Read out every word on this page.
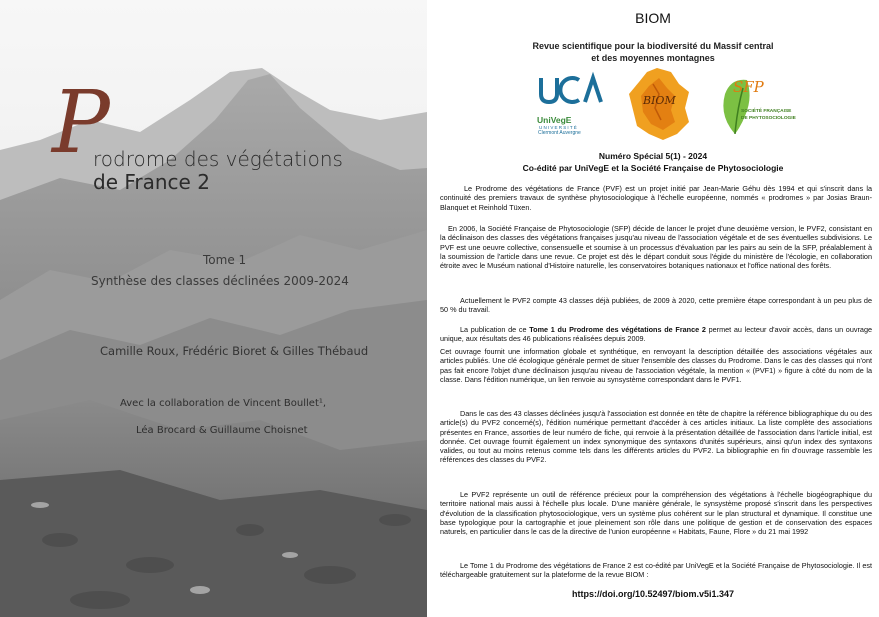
P
rodrome des végétations
de France 2
Tome 1
Synthèse des classes déclinées 2009-2024
Camille Roux, Frédéric Bioret & Gilles Thébaud
Avec la collaboration de Vincent Boullet¹,
Léa Brocard & Guillaume Choisnet
BIOM
Revue scientifique pour la biodiversité du Massif central
et des moyennes montagnes
UniVegE
UNIVERSITÉ
Clermont Auvergne
BIOM
SFP
SOCIÉTÉ FRANÇAISE
DE PHYTOSOCIOLOGIE
Numéro Spécial 5(1) - 2024
Co-édité par UniVegE et la Société Française de Phytosociologie

Le Prodrome des végétations de France (PVF) est un projet initié par Jean-Marie Géhu dès 1994 et qui s'inscrit dans la continuité des premiers travaux de synthèse phytosociologique à l'échelle européenne, nommés « prodromes » par Josias Braun-Blanquet et Reinhold Tüxen.

En 2006, la Société Française de Phytosociologie (SFP) décide de lancer le projet d'une deuxième version, le PVF2, consistant en la déclinaison des classes des végétations françaises jusqu'au niveau de l'association végétale et de ses éventuelles subdivisions. Le PVF est une oeuvre collective, consensuelle et soumise à un processus d'évaluation par les pairs au sein de la SFP, préalablement à la soumission de l'article dans une revue. Ce projet est dès le départ conduit sous l'égide du ministère de l'écologie, en collaboration étroite avec le Muséum national d'Histoire naturelle, les conservatoires botaniques nationaux et l'office national des forêts.

Actuellement le PVF2 compte 43 classes déjà publiées, de 2009 à 2020, cette première étape correspondant à un peu plus de 50 % du travail.

La publication de ce Tome 1 du Prodrome des végétations de France 2 permet au lecteur d'avoir accès, dans un ouvrage unique, aux résultats des 46 publications réalisées depuis 2009.

Cet ouvrage fournit une information globale et synthétique, en renvoyant la description détaillée des associations végétales aux articles publiés. Une clé écologique générale permet de situer l'ensemble des classes du Prodrome. Dans le cas des classes qui n'ont pas fait encore l'objet d'une déclinaison jusqu'au niveau de l'association végétale, la mention « (PVF1) » figure à côté du nom de la classe. Dans l'édition numérique, un lien renvoie au synsystème correspondant dans le PVF1.

Dans le cas des 43 classes déclinées jusqu'à l'association est donnée en tête de chapitre la référence bibliographique du ou des article(s) du PVF2 concerné(s), l'édition numérique permettant d'accéder à ces articles initiaux. La liste complète des associations présentes en France, assorties de leur numéro de fiche, qui renvoie à la présentation détaillée de l'association dans l'article initial, est donnée. Cet ouvrage fournit également un index synonymique des syntaxons d'unités supérieurs, ainsi qu'un index des syntaxons valides, ou tout au moins retenus comme tels dans les différents articles du PVF2. La bibliographie en fin d'ouvrage rassemble les références des classes du PVF2.

Le PVF2 représente un outil de référence précieux pour la compréhension des végétations à l'échelle biogéographique du territoire national mais aussi à l'échelle plus locale. D'une manière générale, le synsystème proposé s'inscrit dans les perspectives d'évolution de la classification phytosociologique, vers un système plus cohérent sur le plan structural et dynamique. Il constitue une base typologique pour la cartographie et joue pleinement son rôle dans une politique de gestion et de conservation des espaces naturels, en particulier dans le cas de la directive de l'union européenne « Habitats, Faune, Flore » du 21 mai 1992

Le Tome 1 du Prodrome des végétations de France 2 est co-édité par UniVegE et la Société Française de Phytosociologie. Il est téléchargeable gratuitement sur la plateforme de la revue BIOM :

https://doi.org/10.52497/biom.v5i1.347
